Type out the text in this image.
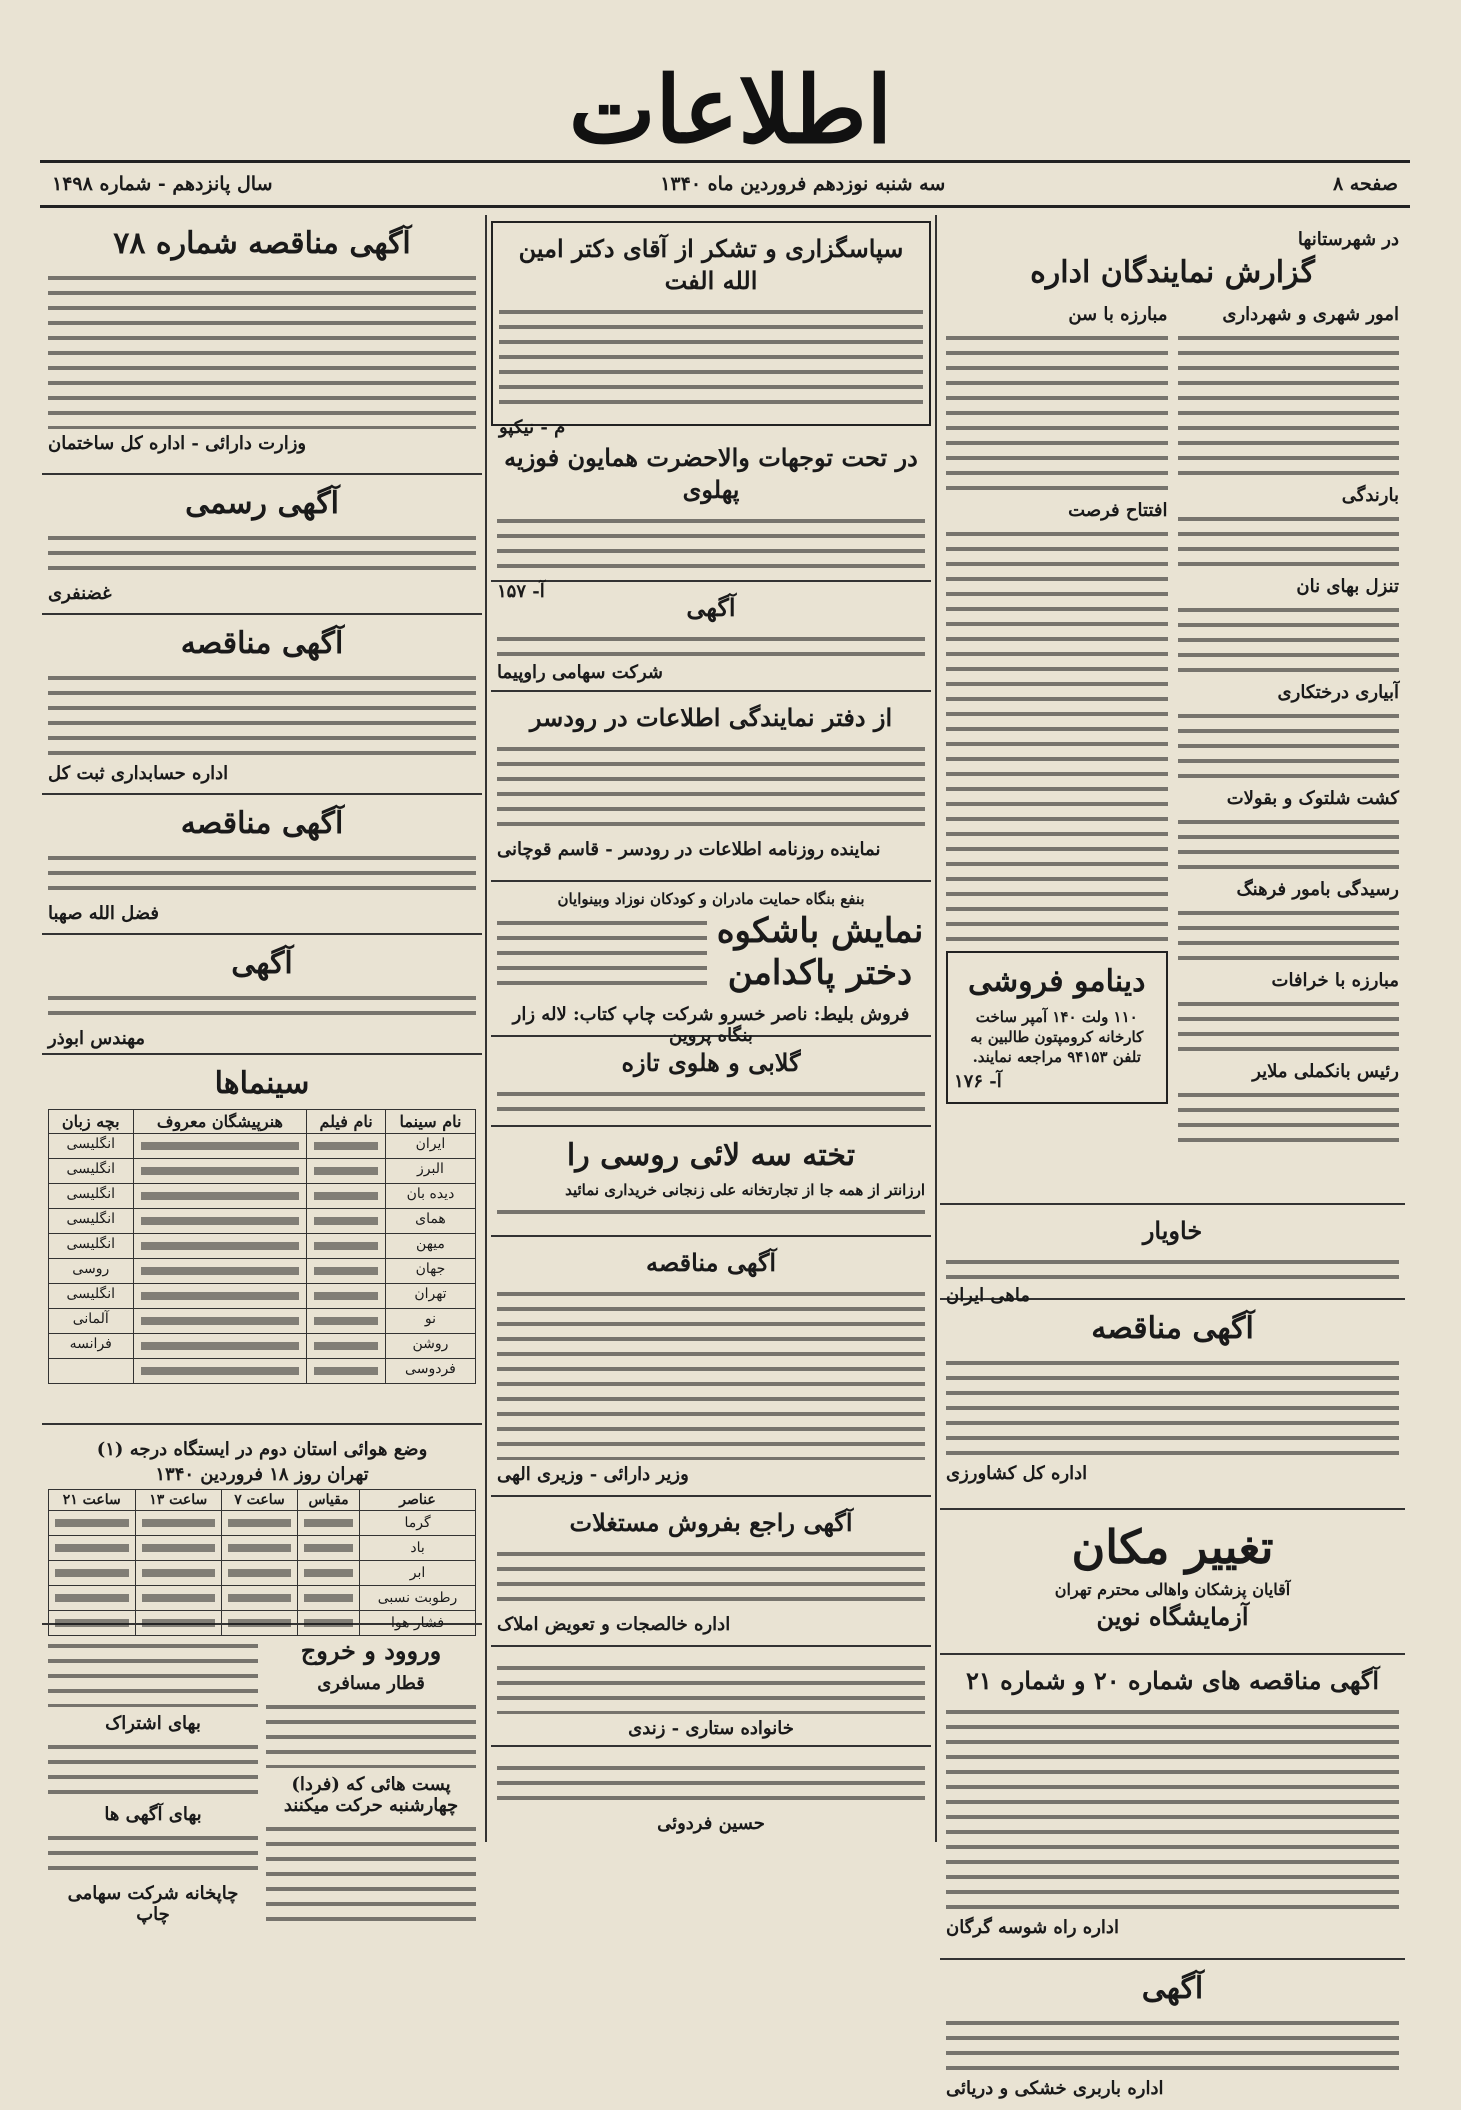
اطلاعات
صفحه ۸
سه شنبه نوزدهم فروردین ماه ۱۳۴۰
سال پانزدهم - شماره ۱۴۹۸
در شهرستانها
گزارش نمایندگان اداره
امور شهری و شهرداری
بارندگی
تنزل بهای نان
آبیاری درختکاری
کشت شلتوک و بقولات
رسیدگی بامور فرهنگ
مبارزه با خرافات
رئیس بانکملی ملایر
مبارزه با سن
افتتاح فرصت
دینامو فروشی
۱۱۰ ولت ۱۴۰ آمپر ساخت کارخانه کرومپتون طالبین به تلفن ۹۴۱۵۳ مراجعه نمایند.
آ- ۱۷۶
خاویار
ماهی ایران
آگهی مناقصه
اداره کل کشاورزی
تغییر مکان
آقایان پزشکان واهالی محترم تهران
آزمایشگاه نوین
آگهی مناقصه های شماره ۲۰ و شماره ۲۱
اداره راه شوسه گرگان
آگهی
اداره باربری خشکی و دریائی
سپاسگزاری و تشکر از آقای دکتر امین الله الفت
م - نیکپو
در تحت توجهات والاحضرت همایون فوزیه پهلوی
آ- ۱۵۷
آگهی
شرکت سهامی راوپیما
از دفتر نمایندگی اطلاعات در رودسر
نماینده روزنامه اطلاعات در رودسر - قاسم قوچانی
بنفع بنگاه حمایت مادران و کودکان نوزاد وبینوایان
نمایش باشکوه دختر پاکدامن
فروش بلیط: ناصر خسرو شرکت چاپ کتاب: لاله زار بنگاه پروین
گلابی و هلوی تازه
تخته سه لائی روسی را
ارزانتر از همه جا از تجارتخانه علی زنجانی خریداری نمائید
آگهی مناقصه
وزیر دارائی - وزیری الهی
آگهی راجع بفروش مستغلات
اداره خالصجات و تعویض املاک
خانواده ستاری - زندی
حسین فردوئی
آگهی مناقصه شماره ۷۸
وزارت دارائی - اداره کل ساختمان
آگهی رسمی
غضنفری
آگهی مناقصه
اداره حسابداری ثبت کل
آگهی مناقصه
فضل الله صهبا
آگهی
مهندس ابوذر
سینماها
نام سینما	نام فیلم	هنرپیشگان معروف	بچه زبان
ایران			انگلیسی
البرز			انگلیسی
دیده بان			انگلیسی
همای			انگلیسی
میهن			انگلیسی
جهان			روسی
تهران			انگلیسی
نو			آلمانی
روشن			فرانسه
فردوسی	

وضع هوائی استان دوم در ایستگاه درجه (۱)
تهران روز ۱۸ فروردین ۱۳۴۰
عناصر	مقیاس	ساعت ۷	ساعت ۱۳	ساعت ۲۱
گرما	

باد	

ابر	

رطوبت نسبی	

فشار هوا	

وروود و خروج
قطار مسافری
پست هائی که (فردا) چهارشنبه حرکت میکنند
بهای اشتراک
بهای آگهی ها
چاپخانه شرکت سهامی چاپ
